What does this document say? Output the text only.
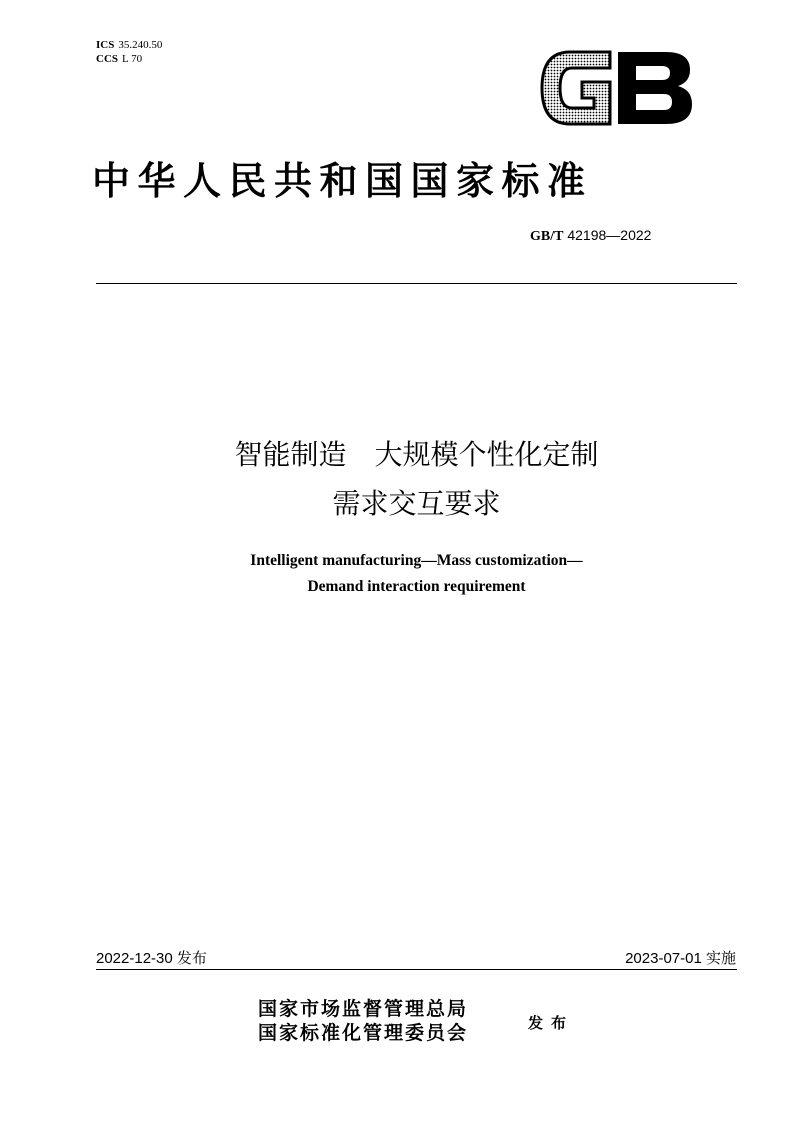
ICS 35.240.50
CCS L 70
中华人民共和国国家标准
GB/T 42198—2022
智能制造 大规模个性化定制
需求交互要求
Intelligent manufacturing—Mass customization—
Demand interaction requirement
2022-12-30 发布	2023-07-01 实施
国家市场监督管理总局
国家标准化管理委员会	发布
